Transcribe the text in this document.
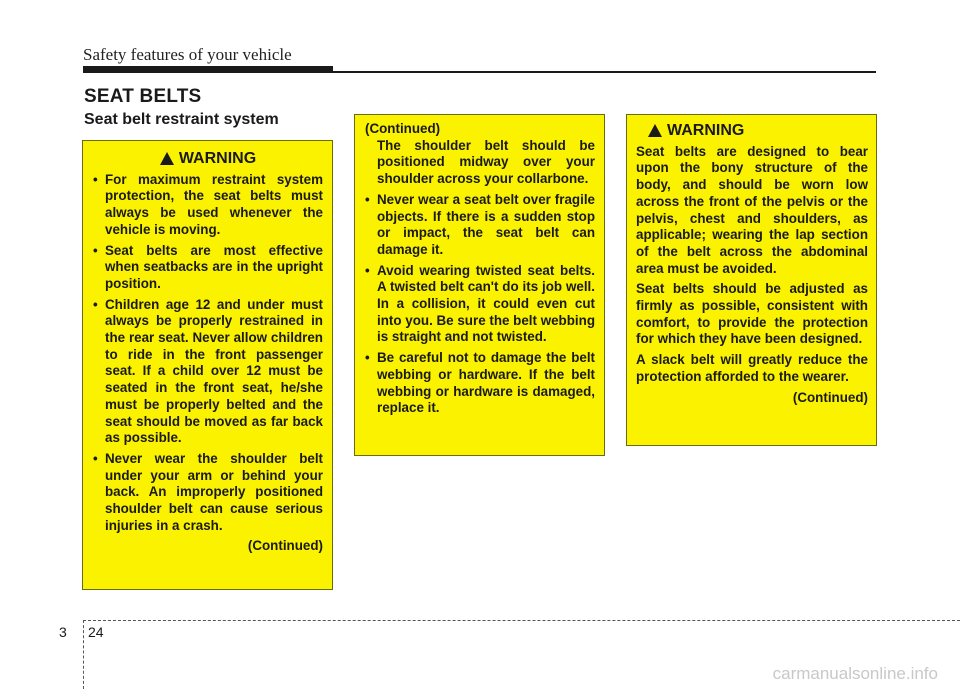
Safety features of your vehicle
SEAT BELTS
Seat belt restraint system
WARNING
• For maximum restraint system protection, the seat belts must always be used whenever the vehicle is moving.
• Seat belts are most effective when seatbacks are in the upright position.
• Children age 12 and under must always be properly restrained in the rear seat. Never allow children to ride in the front passenger seat. If a child over 12 must be seated in the front seat, he/she must be properly belted and the seat should be moved as far back as possible.
• Never wear the shoulder belt under your arm or behind your back. An improperly positioned shoulder belt can cause serious injuries in a crash.
(Continued)
(Continued)
The shoulder belt should be positioned midway over your shoulder across your collarbone.
• Never wear a seat belt over fragile objects. If there is a sudden stop or impact, the seat belt can damage it.
• Avoid wearing twisted seat belts. A twisted belt can't do its job well. In a collision, it could even cut into you. Be sure the belt webbing is straight and not twisted.
• Be careful not to damage the belt webbing or hardware. If the belt webbing or hardware is damaged, replace it.
WARNING
Seat belts are designed to bear upon the bony structure of the body, and should be worn low across the front of the pelvis or the pelvis, chest and shoulders, as applicable; wearing the lap section of the belt across the abdominal area must be avoided.
Seat belts should be adjusted as firmly as possible, consistent with comfort, to provide the protection for which they have been designed.
A slack belt will greatly reduce the protection afforded to the wearer.
(Continued)
3 24
carmanualsonline.info
